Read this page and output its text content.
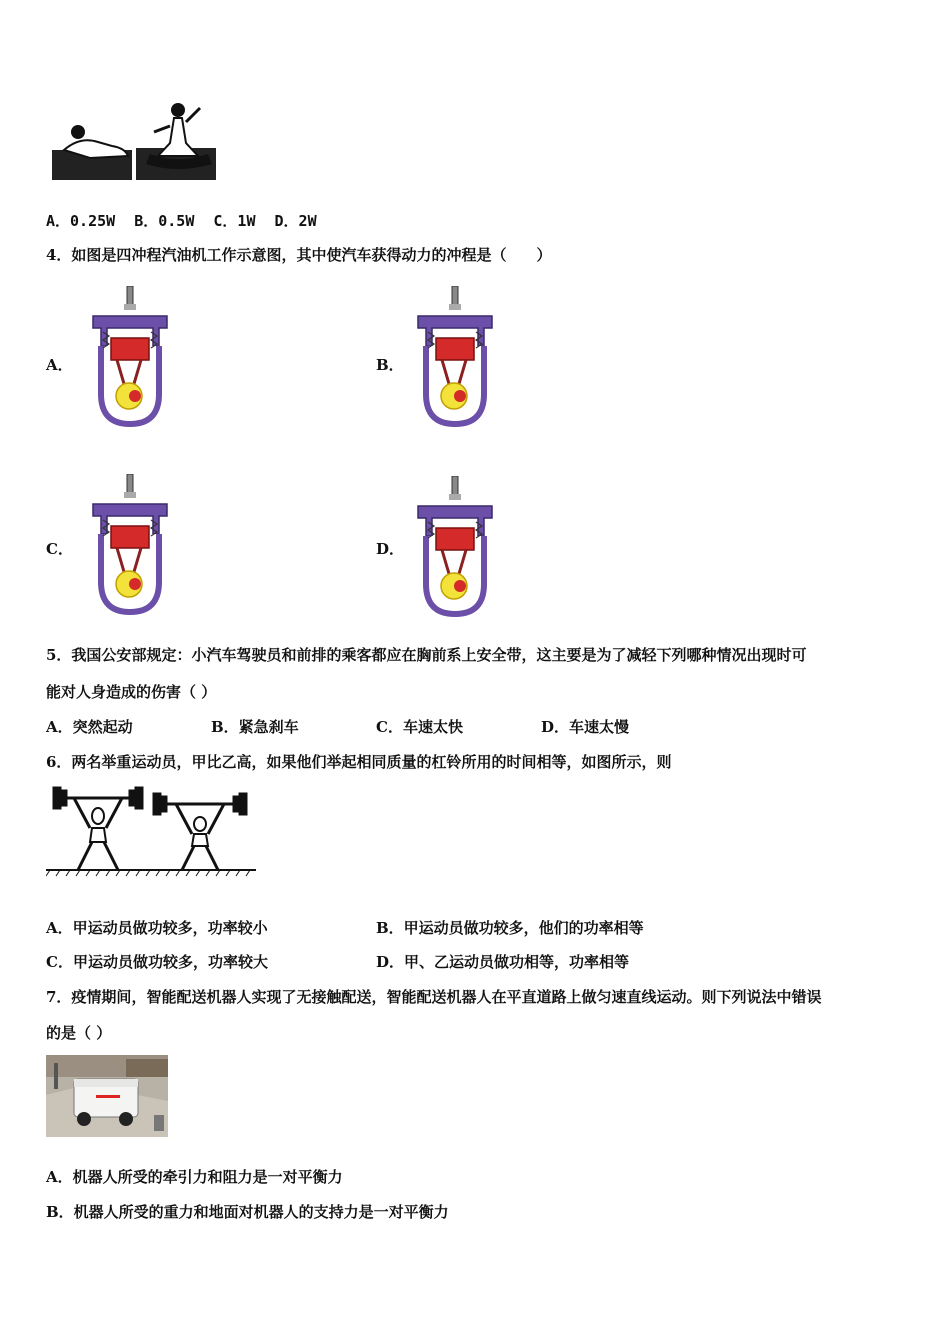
A．0.25W B．0.5W C．1W D．2W
4．如图是四冲程汽油机工作示意图，其中使汽车获得动力的冲程是（　　）
A．	B．
C．	D．
5．我国公安部规定：小汽车驾驶员和前排的乘客都应在胸前系上安全带，这主要是为了减轻下列哪种情况出现时可
能对人身造成的伤害（ ）
A．突然起动	B．紧急刹车	C．车速太快	D．车速太慢
6．两名举重运动员，甲比乙高，如果他们举起相同质量的杠铃所用的时间相等，如图所示，则
A．甲运动员做功较多，功率较小	B．甲运动员做功较多，他们的功率相等
C．甲运动员做功较多，功率较大	D．甲、乙运动员做功相等，功率相等
7．疫情期间，智能配送机器人实现了无接触配送，智能配送机器人在平直道路上做匀速直线运动。则下列说法中错误
的是（ ）
A．机器人所受的牵引力和阻力是一对平衡力
B．机器人所受的重力和地面对机器人的支持力是一对平衡力
